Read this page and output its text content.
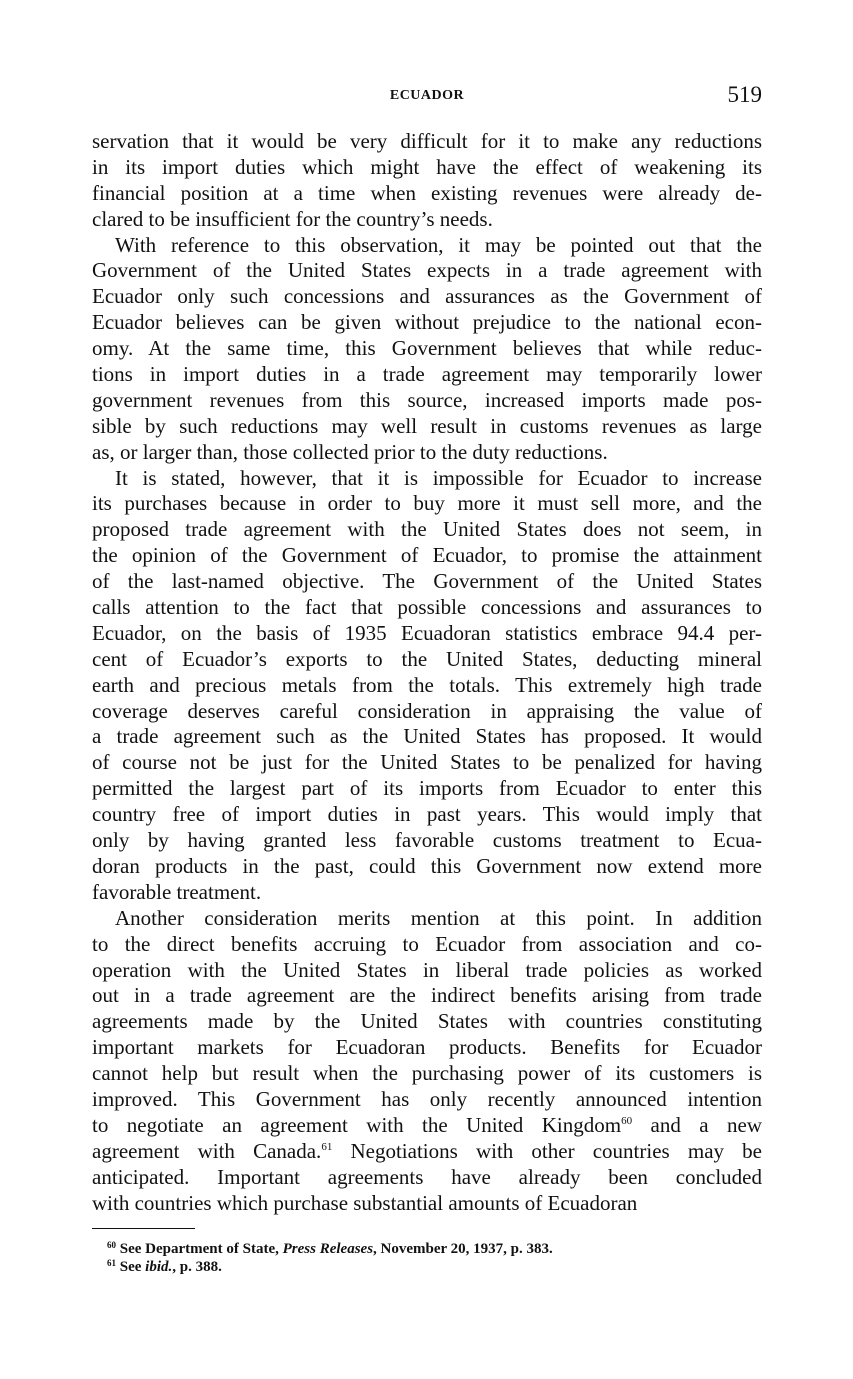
ECUADOR	519
servation that it would be very difficult for it to make any reductions
in its import duties which might have the effect of weakening its
financial position at a time when existing revenues were already de-
clared to be insufficient for the country’s needs.
With reference to this observation, it may be pointed out that the
Government of the United States expects in a trade agreement with
Ecuador only such concessions and assurances as the Government of
Ecuador believes can be given without prejudice to the national econ-
omy. At the same time, this Government believes that while reduc-
tions in import duties in a trade agreement may temporarily lower
government revenues from this source, increased imports made pos-
sible by such reductions may well result in customs revenues as large
as, or larger than, those collected prior to the duty reductions.
It is stated, however, that it is impossible for Ecuador to increase
its purchases because in order to buy more it must sell more, and the
proposed trade agreement with the United States does not seem, in
the opinion of the Government of Ecuador, to promise the attainment
of the last-named objective. The Government of the United States
calls attention to the fact that possible concessions and assurances to
Ecuador, on the basis of 1935 Ecuadoran statistics embrace 94.4 per-
cent of Ecuador’s exports to the United States, deducting mineral
earth and precious metals from the totals. This extremely high trade
coverage deserves careful consideration in appraising the value of
a trade agreement such as the United States has proposed. It would
of course not be just for the United States to be penalized for having
permitted the largest part of its imports from Ecuador to enter this
country free of import duties in past years. This would imply that
only by having granted less favorable customs treatment to Ecua-
doran products in the past, could this Government now extend more
favorable treatment.
Another consideration merits mention at this point. In addition
to the direct benefits accruing to Ecuador from association and co-
operation with the United States in liberal trade policies as worked
out in a trade agreement are the indirect benefits arising from trade
agreements made by the United States with countries constituting
important markets for Ecuadoran products. Benefits for Ecuador
cannot help but result when the purchasing power of its customers is
improved. This Government has only recently announced intention
to negotiate an agreement with the United Kingdom$^{60}$ and a new
agreement with Canada.$^{61}$ Negotiations with other countries may be
anticipated. Important agreements have already been concluded
with countries which purchase substantial amounts of Ecuadoran
$^{60}$ See Department of State, Press Releases, November 20, 1937, p. 383.
$^{61}$ See ibid., p. 388.
